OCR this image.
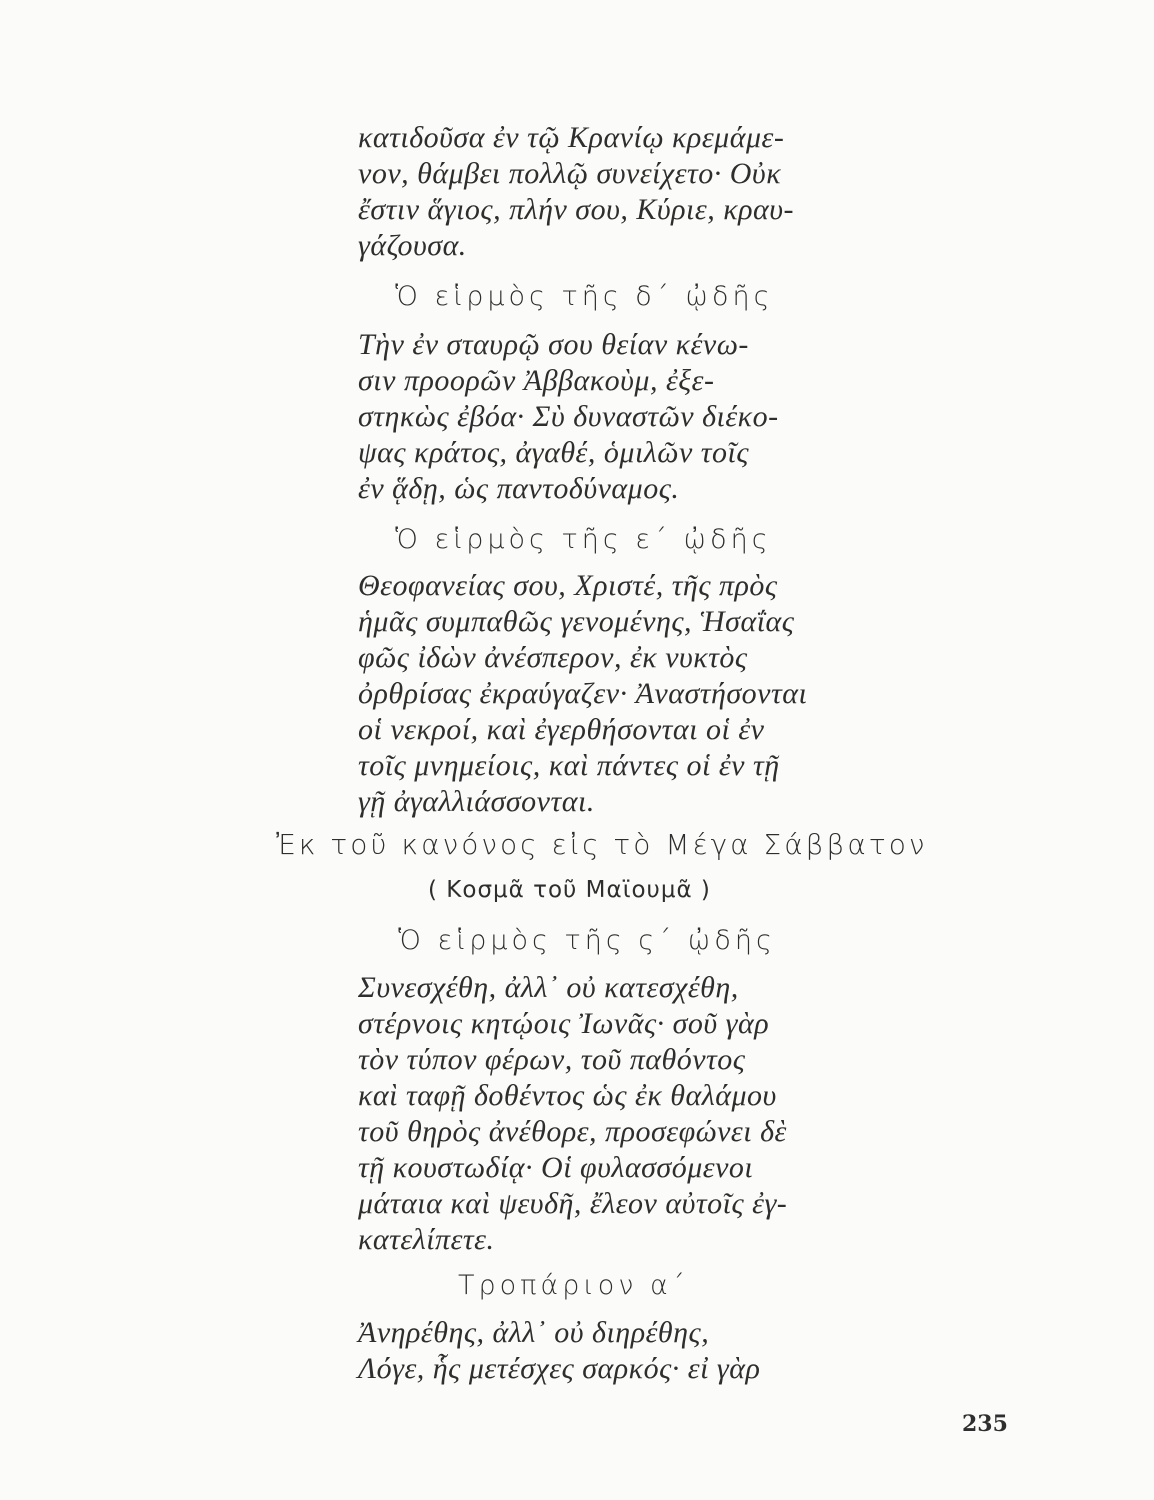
κατιδοῦσα ἐν τῷ Κρανίῳ κρεμάμε-
νον, θάμβει πολλῷ συνείχετο· Οὐκ
ἔστιν ἅγιος, πλήν σου, Κύριε, κραυ-
γάζουσα.
Ὁ εἱρμὸς τῆς δ΄ ᾠδῆς
Τὴν ἐν σταυρῷ σου θείαν κένω-
σιν προορῶν Ἀββακοὺμ, ἐξε-
στηκὼς ἐβόα· Σὺ δυναστῶν διέκο-
ψας κράτος, ἀγαθέ, ὁμιλῶν τοῖς
ἐν ᾅδῃ, ὡς παντοδύναμος.
Ὁ εἱρμὸς τῆς ε΄ ᾠδῆς
Θεοφανείας σου, Χριστέ, τῆς πρὸς
ἡμᾶς συμπαθῶς γενομένης, Ἡσαΐας
φῶς ἰδὼν ἀνέσπερον, ἐκ νυκτὸς
ὀρθρίσας ἐκραύγαζεν· Ἀναστήσονται
οἱ νεκροί, καὶ ἐγερθήσονται οἱ ἐν
τοῖς μνημείοις, καὶ πάντες οἱ ἐν τῇ
γῇ ἀγαλλιάσσονται.
Ἐκ τοῦ κανόνος εἰς τὸ Μέγα Σάββατον
( Κοσμᾶ τοῦ Μαϊουμᾶ )
Ὁ εἱρμὸς τῆς ς΄ ᾠδῆς
Συνεσχέθη, ἀλλ᾿ οὐ κατεσχέθη,
στέρνοις κητῴοις Ἰωνᾶς· σοῦ γὰρ
τὸν τύπον φέρων, τοῦ παθόντος
καὶ ταφῇ δοθέντος ὡς ἐκ θαλάμου
τοῦ θηρὸς ἀνέθορε, προσεφώνει δὲ
τῇ κουστωδίᾳ· Οἱ φυλασσόμενοι
μάταια καὶ ψευδῆ, ἔλεον αὐτοῖς ἐγ-
κατελίπετε.
Τροπάριον α΄
Ἀνηρέθης, ἀλλ᾿ οὐ διηρέθης,
Λόγε, ἧς μετέσχες σαρκός· εἰ γὰρ
235
